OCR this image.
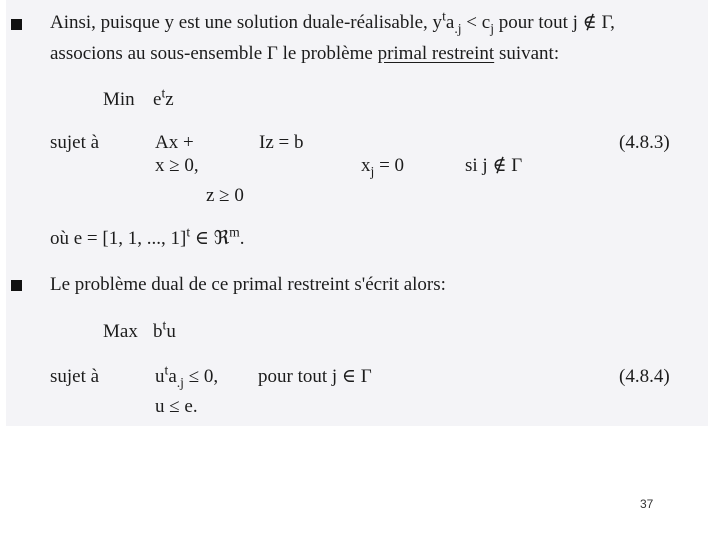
Ainsi, puisque y est une solution duale-réalisable, $y^ta_{.j} < c_j$ pour tout j ∉ Γ,
associons au sous-ensemble Γ le problème primal restreint suivant:
Min $e^tz$
sujet à	Ax +	Iz = b	(4.8.3)
x ≥ 0,	$x_j = 0$	si j ∉ Γ
z ≥ 0
où e = [1, 1, ..., 1]$^t$ ∈ ℜ$^m$.
Le problème dual de ce primal restreint s'écrit alors:
Max $b^tu$
sujet à	$u^ta_{.j} \le 0$, pour tout j ∈ Γ	(4.8.4)
u ≤ e.
37
